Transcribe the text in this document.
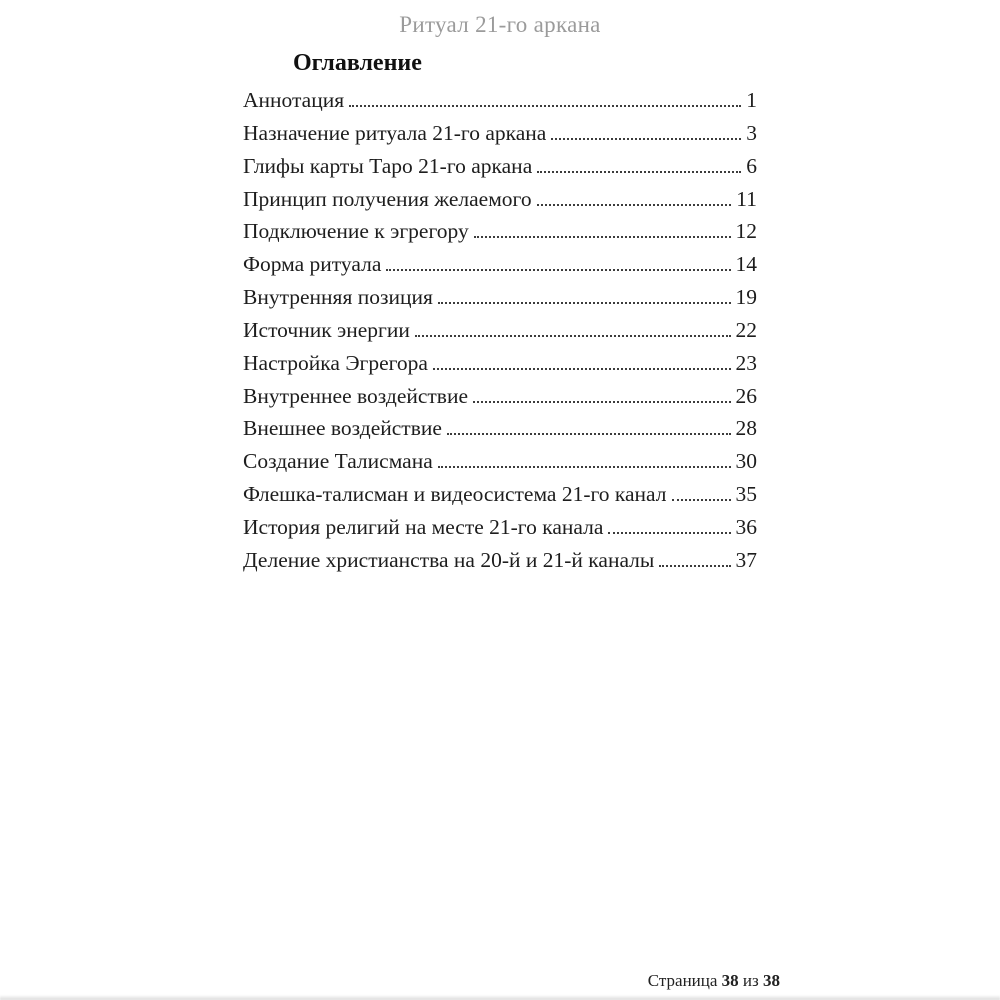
Ритуал 21-го аркана
Оглавление
Аннотация	1
Назначение ритуала 21-го аркана	3
Глифы карты Таро 21-го аркана	6
Принцип получения желаемого	11
Подключение к эгрегору	12
Форма ритуала	14
Внутренняя позиция	19
Источник энергии	22
Настройка Эгрегора	23
Внутреннее воздействие	26
Внешнее воздействие	28
Создание Талисмана	30
Флешка-талисман и видеосистема 21-го канал	35
История религий на месте 21-го канала	36
Деление христианства на 20-й и 21-й каналы	37
Страница 38 из 38
